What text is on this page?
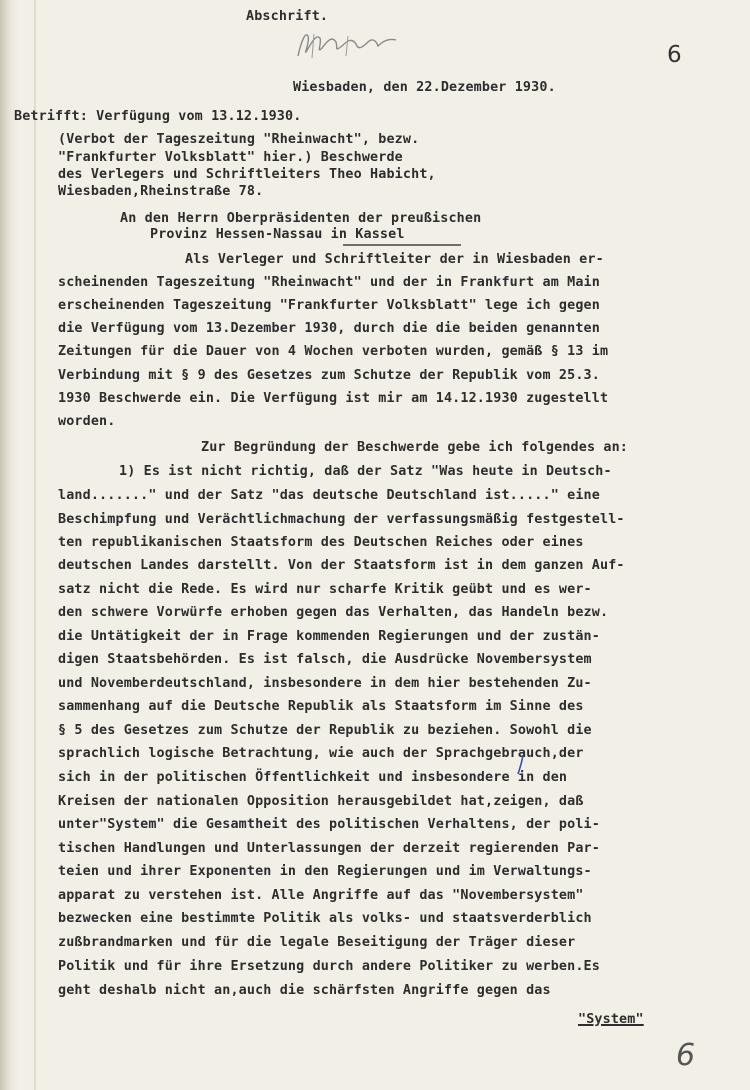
Abschrift.
6
Wiesbaden, den 22.Dezember 1930.
Betrifft: Verfügung vom 13.12.1930.
(Verbot der Tageszeitung "Rheinwacht", bezw.
"Frankfurter Volksblatt" hier.) Beschwerde
des Verlegers und Schriftleiters Theo Habicht,
Wiesbaden,Rheinstraße 78.
An den Herrn Oberpräsidenten der preußischen
Provinz Hessen-Nassau in Kassel
Als Verleger und Schriftleiter der in Wiesbaden er-
scheinenden Tageszeitung "Rheinwacht" und der in Frankfurt am Main
erscheinenden Tageszeitung "Frankfurter Volksblatt" lege ich gegen
die Verfügung vom 13.Dezember 1930, durch die die beiden genannten
Zeitungen für die Dauer von 4 Wochen verboten wurden, gemäß § 13 im
Verbindung mit § 9 des Gesetzes zum Schutze der Republik vom 25.3.
1930 Beschwerde ein. Die Verfügung ist mir am 14.12.1930 zugestellt
worden.
Zur Begründung der Beschwerde gebe ich folgendes an:
1) Es ist nicht richtig, daß der Satz "Was heute in Deutsch-
land......." und der Satz "das deutsche Deutschland ist....." eine
Beschimpfung und Verächtlichmachung der verfassungsmäßig festgestell-
ten republikanischen Staatsform des Deutschen Reiches oder eines
deutschen Landes darstellt. Von der Staatsform ist in dem ganzen Auf-
satz nicht die Rede. Es wird nur scharfe Kritik geübt und es wer-
den schwere Vorwürfe erhoben gegen das Verhalten, das Handeln bezw.
die Untätigkeit der in Frage kommenden Regierungen und der zustän-
digen Staatsbehörden. Es ist falsch, die Ausdrücke Novembersystem
und Novemberdeutschland, insbesondere in dem hier bestehenden Zu-
sammenhang auf die Deutsche Republik als Staatsform im Sinne des
§ 5 des Gesetzes zum Schutze der Republik zu beziehen. Sowohl die
sprachlich logische Betrachtung, wie auch der Sprachgebrauch,der
sich in der politischen Öffentlichkeit und insbesondere in den
Kreisen der nationalen Opposition herausgebildet hat,zeigen, daß
unter"System" die Gesamtheit des politischen Verhaltens, der poli-
tischen Handlungen und Unterlassungen der derzeit regierenden Par-
teien und ihrer Exponenten in den Regierungen und im Verwaltungs-
apparat zu verstehen ist. Alle Angriffe auf das "Novembersystem"
bezwecken eine bestimmte Politik als volks- und staatsverderblich
zußbrandmarken und für die legale Beseitigung der Träger dieser
Politik und für ihre Ersetzung durch andere Politiker zu werben.Es
geht deshalb nicht an,auch die schärfsten Angriffe gegen das
"System"
6
